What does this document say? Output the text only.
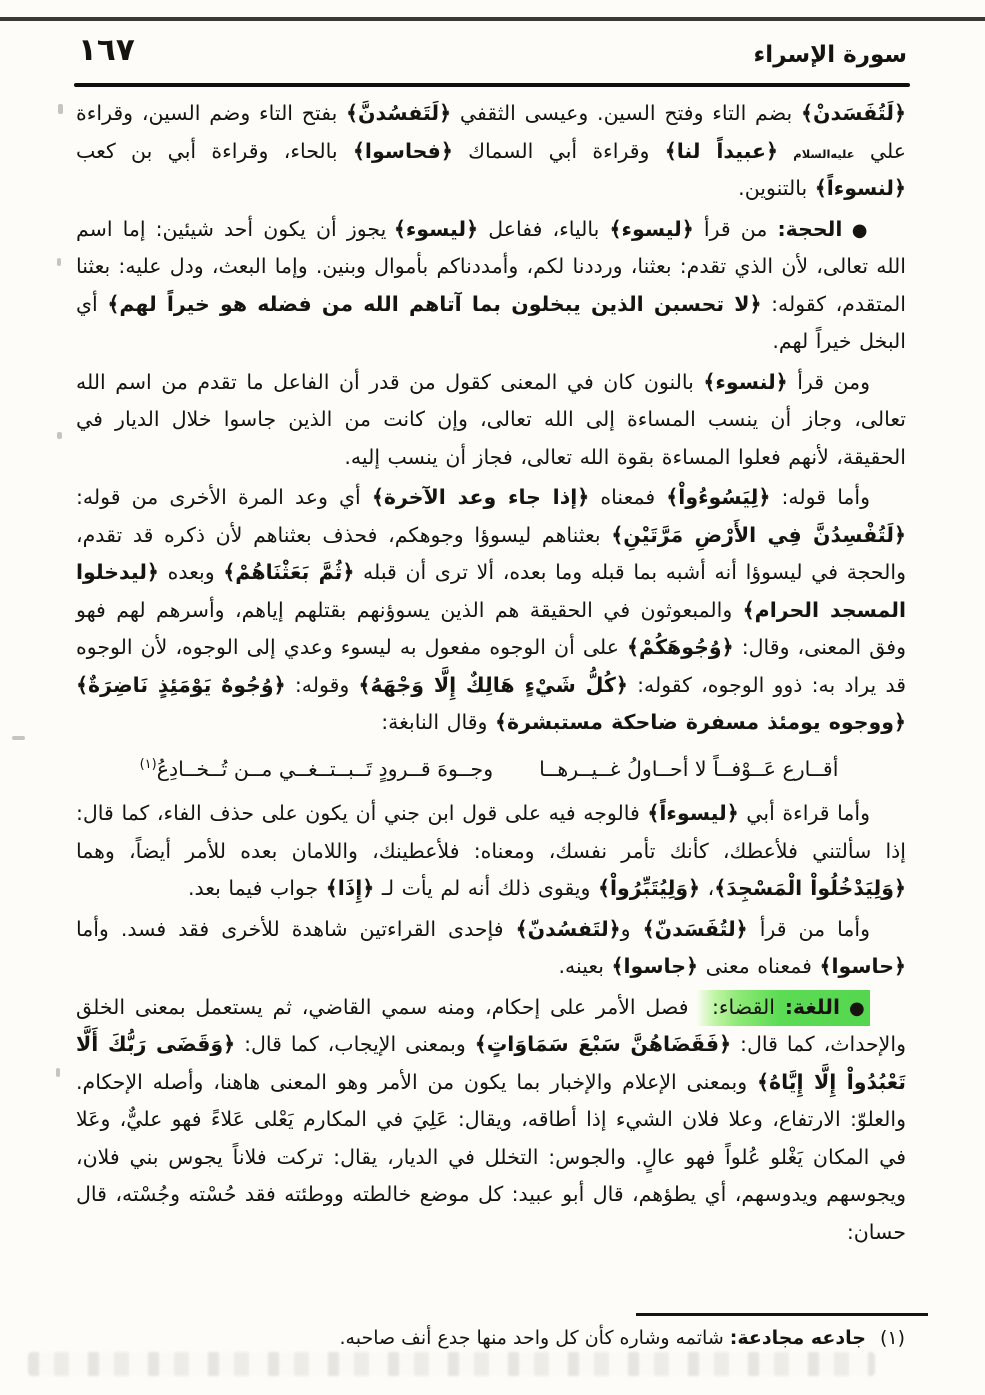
سورة الإسراء
١٦٧

﴿لَتُفَسَدنْ﴾ بضم التاء وفتح السين. وعيسى الثقفي ﴿لَتَفسُدنَّ﴾ بفتح التاء وضم السين، وقراءة علي عليه‌السلام ﴿عبيداً لنا﴾ وقراءة أبي السماك ﴿فحاسوا﴾ بالحاء، وقراءة أبي بن كعب ﴿لنسوءاً﴾ بالتنوين.

● الحجة: من قرأ ﴿ليسوء﴾ بالياء، ففاعل ﴿ليسوء﴾ يجوز أن يكون أحد شيئين: إما اسم الله تعالى، لأن الذي تقدم: بعثنا، ورددنا لكم، وأمددناكم بأموال وبنين. وإما البعث، ودل عليه: بعثنا المتقدم، كقوله: ﴿لا تحسبن الذين يبخلون بما آتاهم الله من فضله هو خيراً لهم﴾ أي البخل خيراً لهم.

ومن قرأ ﴿لنسوء﴾ بالنون كان في المعنى كقول من قدر أن الفاعل ما تقدم من اسم الله تعالى، وجاز أن ينسب المساءة إلى الله تعالى، وإن كانت من الذين جاسوا خلال الديار في الحقيقة، لأنهم فعلوا المساءة بقوة الله تعالى، فجاز أن ينسب إليه.

وأما قوله: ﴿لِيَسُوءُواْ﴾ فمعناه ﴿إذا جاء وعد الآخرة﴾ أي وعد المرة الأخرى من قوله: ﴿لَتُفْسِدُنَّ فِي الأَرْضِ مَرَّتَيْنِ﴾ بعثناهم ليسوؤا وجوهكم، فحذف بعثناهم لأن ذكره قد تقدم، والحجة في ليسوؤا أنه أشبه بما قبله وما بعده، ألا ترى أن قبله ﴿ثُمَّ بَعَثْنَاهُمْ﴾ وبعده ﴿ليدخلوا المسجد الحرام﴾ والمبعوثون في الحقيقة هم الذين يسوؤنهم بقتلهم إياهم، وأسرهم لهم فهو وفق المعنى، وقال: ﴿وُجُوهَكُمْ﴾ على أن الوجوه مفعول به ليسوء وعدي إلى الوجوه، لأن الوجوه قد يراد به: ذوو الوجوه، كقوله: ﴿كُلُّ شَيْءٍ هَالِكٌ إِلَّا وَجْهَهُ﴾ وقوله: ﴿وُجُوهٌ يَوْمَئِذٍ نَاضِرَةٌ﴾ ﴿ووجوه يومئذ مسفرة ضاحكة مستبشرة﴾ وقال النابغة:

أقــارع عَــوْفــاً لا أحــاولُ غــيــرهــا
وجــوهَ قــرودٍ تَــبــتــغــي مــن تُــخــادِعُ$^{(١)}$

وأما قراءة أبي ﴿ليسوءاً﴾ فالوجه فيه على قول ابن جني أن يكون على حذف الفاء، كما قال: إذا سألتني فلأعطك، كأنك تأمر نفسك، ومعناه: فلأعطينك، واللامان بعده للأمر أيضاً، وهما ﴿وَلِيَدْخُلُواْ الْمَسْجِدَ﴾، ﴿وَلِيُتَبِّرُواْ﴾ ويقوى ذلك أنه لم يأت لـ ﴿إِذَا﴾ جواب فيما بعد.

وأما من قرأ ﴿لتُفَسَدنّ﴾ و﴿لتَفسُدنّ﴾ فإحدى القراءتين شاهدة للأخرى فقد فسد. وأما ﴿حاسوا﴾ فمعناه معنى ﴿جاسوا﴾ بعينه.

● اللغة: القضاء: فصل الأمر على إحكام، ومنه سمي القاضي، ثم يستعمل بمعنى الخلق والإحداث، كما قال: ﴿فَقَضَاهُنَّ سَبْعَ سَمَاوَاتٍ﴾ وبمعنى الإيجاب، كما قال: ﴿وَقَضَى رَبُّكَ أَلَّا تَعْبُدُواْ إِلَّا إِيَّاهُ﴾ وبمعنى الإعلام والإخبار بما يكون من الأمر وهو المعنى هاهنا، وأصله الإحكام. والعلوّ: الارتفاع، وعلا فلان الشيء إذا أطاقه، ويقال: عَلِيَ في المكارم يَعْلى عَلاءً فهو عليٌّ، وعَلا في المكان يَغْلو عُلواً فهو عالٍ. والجوس: التخلل في الديار، يقال: تركت فلاناً يجوس بني فلان، ويجوسهم ويدوسهم، أي يطؤهم، قال أبو عبيد: كل موضع خالطته ووطئته فقد حُسْته وجُسْته، قال حسان:

(١)جادعه مجادعة: شاتمه وشاره كأن كل واحد منها جدع أنف صاحبه.
